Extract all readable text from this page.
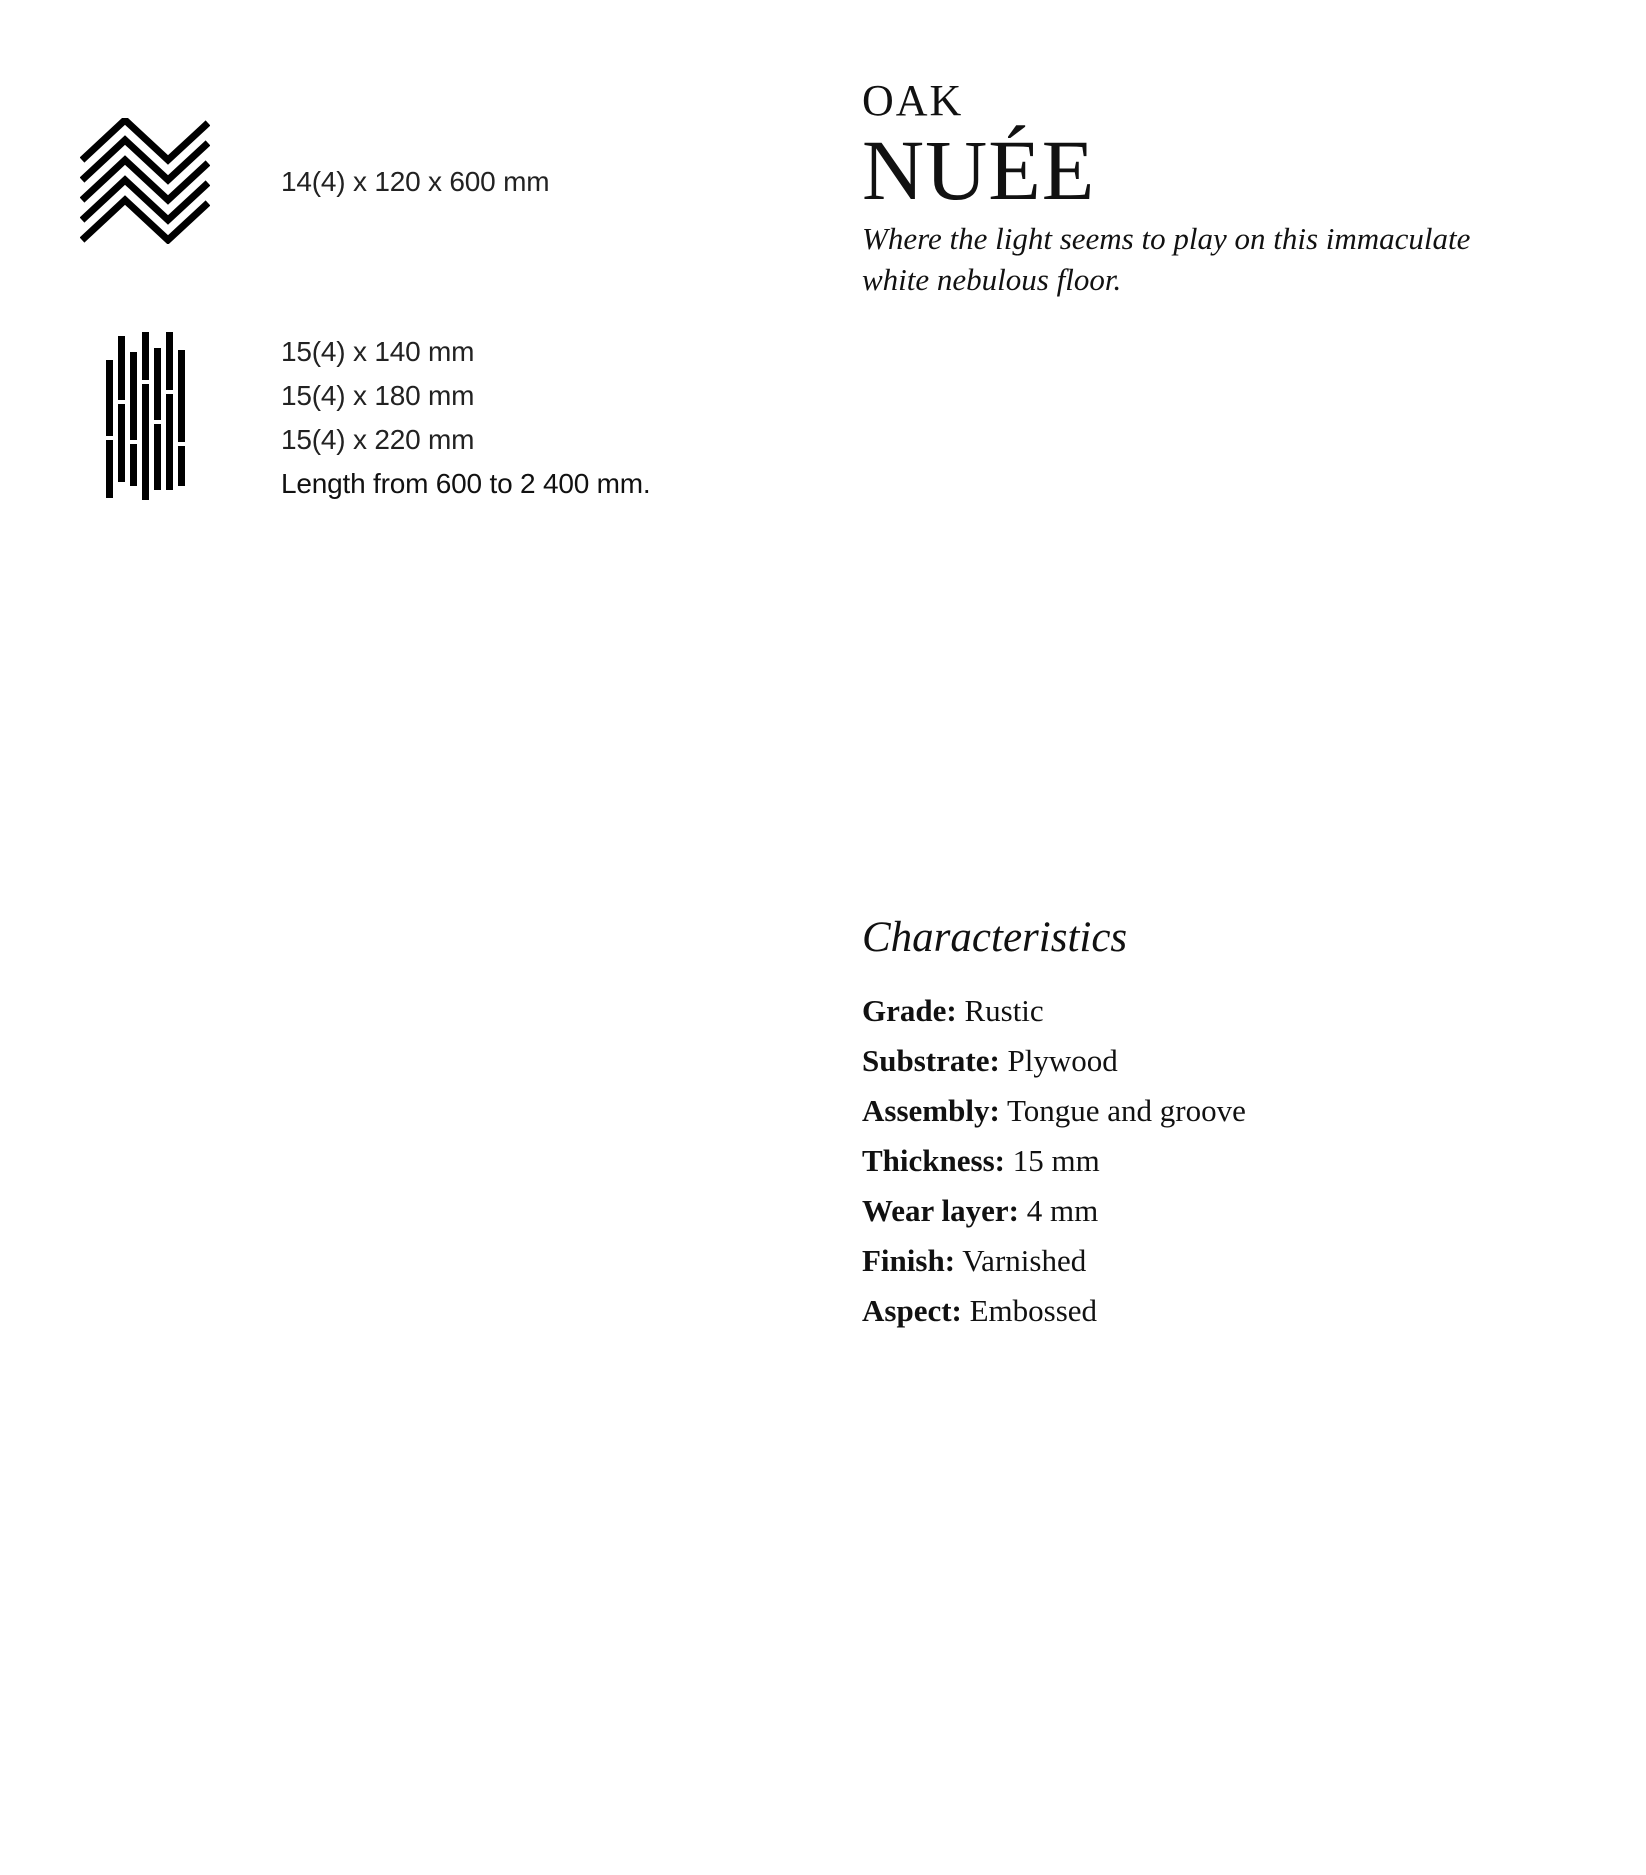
14(4) x 120 x 600 mm
15(4) x 140 mm
15(4) x 180 mm
15(4) x 220 mm
Length from 600 to 2 400 mm.
OAK
NUÉE
Where the light seems to play on this immaculate white nebulous floor.
Characteristics
Grade: Rustic
Substrate: Plywood
Assembly: Tongue and groove
Thickness: 15 mm
Wear layer: 4 mm
Finish: Varnished
Aspect: Embossed
